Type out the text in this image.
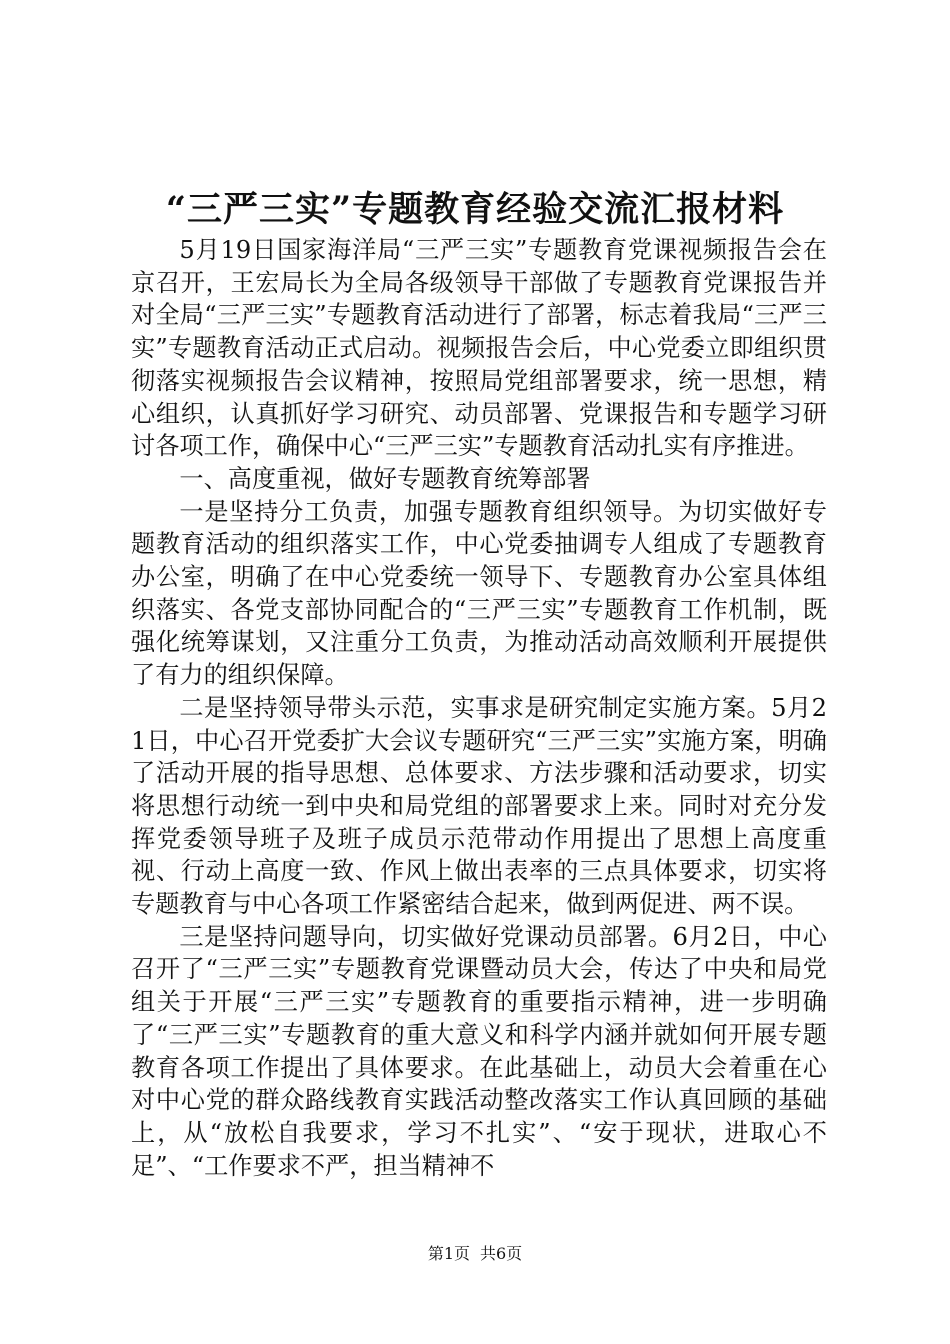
“三严三实”专题教育经验交流汇报材料

5月19日国家海洋局“三严三实”专题教育党课视频报告会在京召开，王宏局长为全局各级领导干部做了专题教育党课报告并对全局“三严三实”专题教育活动进行了部署，标志着我局“三严三实”专题教育活动正式启动。视频报告会后，中心党委立即组织贯彻落实视频报告会议精神，按照局党组部署要求，统一思想，精心组织，认真抓好学习研究、动员部署、党课报告和专题学习研讨各项工作，确保中心“三严三实”专题教育活动扎实有序推进。

一、高度重视，做好专题教育统筹部署

一是坚持分工负责，加强专题教育组织领导。为切实做好专题教育活动的组织落实工作，中心党委抽调专人组成了专题教育办公室，明确了在中心党委统一领导下、专题教育办公室具体组织落实、各党支部协同配合的“三严三实”专题教育工作机制，既强化统筹谋划，又注重分工负责，为推动活动高效顺利开展提供了有力的组织保障。

二是坚持领导带头示范，实事求是研究制定实施方案。5月21日，中心召开党委扩大会议专题研究“三严三实”实施方案，明确了活动开展的指导思想、总体要求、方法步骤和活动要求，切实将思想行动统一到中央和局党组的部署要求上来。同时对充分发挥党委领导班子及班子成员示范带动作用提出了思想上高度重视、行动上高度一致、作风上做出表率的三点具体要求，切实将专题教育与中心各项工作紧密结合起来，做到两促进、两不误。

三是坚持问题导向，切实做好党课动员部署。6月2日，中心召开了“三严三实”专题教育党课暨动员大会，传达了中央和局党组关于开展“三严三实”专题教育的重要指示精神，进一步明确了“三严三实”专题教育的重大意义和科学内涵并就如何开展专题教育各项工作提出了具体要求。在此基础上，动员大会着重在心对中心党的群众路线教育实践活动整改落实工作认真回顾的基础上，从“放松自我要求，学习不扎实”、“安于现状，进取心不足”、“工作要求不严，担当精神不

第1页 共6页
